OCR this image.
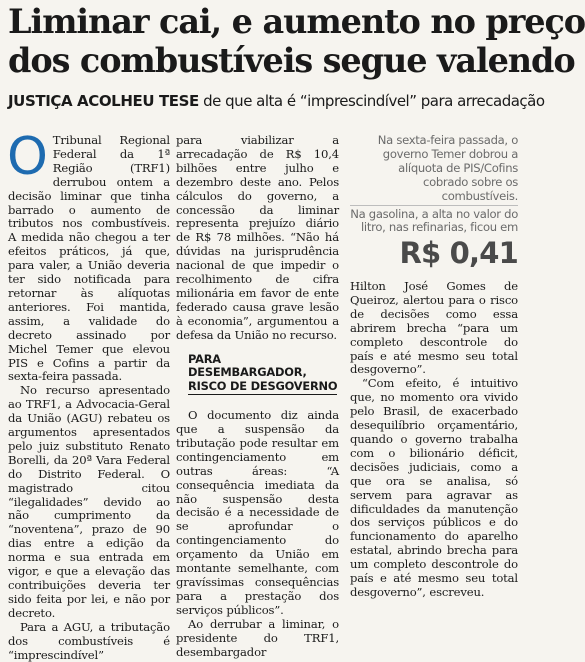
Liminar cai, e aumento no preço
dos combustíveis segue valendo
JUSTIÇA ACOLHEU TESE de que alta é “imprescindível” para arrecadação
O Tribunal Regional Federal da 1ª Região (TRF1) derrubou ontem a decisão liminar que tinha barrado o aumento de tributos nos combustíveis. A medida não chegou a ter efeitos práticos, já que, para valer, a União deveria ter sido notificada para retornar às alíquotas anteriores. Foi mantida, assim, a validade do decreto assinado por Michel Temer que elevou PIS e Cofins a partir da sexta-feira passada.

No recurso apresentado ao TRF1, a Advocacia-Geral da União (AGU) rebateu os argumentos apresentados pelo juiz substituto Renato Borelli, da 20ª Vara Federal do Distrito Federal. O magistrado citou “ilegalidades” devido ao não cumprimento da “noventena”, prazo de 90 dias entre a edição da norma e sua entrada em vigor, e que a elevação das contribuições deveria ter sido feita por lei, e não por decreto.

Para a AGU, a tributação dos combustíveis é “imprescindível”

para viabilizar a arrecadação de R$ 10,4 bilhões entre julho e dezembro deste ano. Pelos cálculos do governo, a concessão da liminar representa prejuízo diário de R$ 78 milhões. “Não há dúvidas na jurisprudência nacional de que impedir o recolhimento de cifra milionária em favor de ente federado causa grave lesão à economia”, argumentou a defesa da União no recurso.

PARA DESEMBARGADOR,
RISCO DE DESGOVERNO

O documento diz ainda que a suspensão da tributação pode resultar em contingenciamento em outras áreas: “A consequência imediata da não suspensão desta decisão é a necessidade de se aprofundar o contingenciamento do orçamento da União em montante semelhante, com gravíssimas consequências para a prestação dos serviços públicos”.

Ao derrubar a liminar, o presidente do TRF1, desembargador

Na sexta-feira passada, o governo Temer dobrou a alíquota de PIS/Cofins cobrado sobre os combustíveis.
Na gasolina, a alta no valor do litro, nas refinarias, ficou em
R$ 0,41

Hilton José Gomes de Queiroz, alertou para o risco de decisões como essa abrirem brecha “para um completo descontrole do país e até mesmo seu total desgoverno”.

“Com efeito, é intuitivo que, no momento ora vivido pelo Brasil, de exacerbado desequilíbrio orçamentário, quando o governo trabalha com o bilionário déficit, decisões judiciais, como a que ora se analisa, só servem para agravar as dificuldades da manutenção dos serviços públicos e do funcionamento do aparelho estatal, abrindo brecha para um completo descontrole do país e até mesmo seu total desgoverno”, escreveu.
